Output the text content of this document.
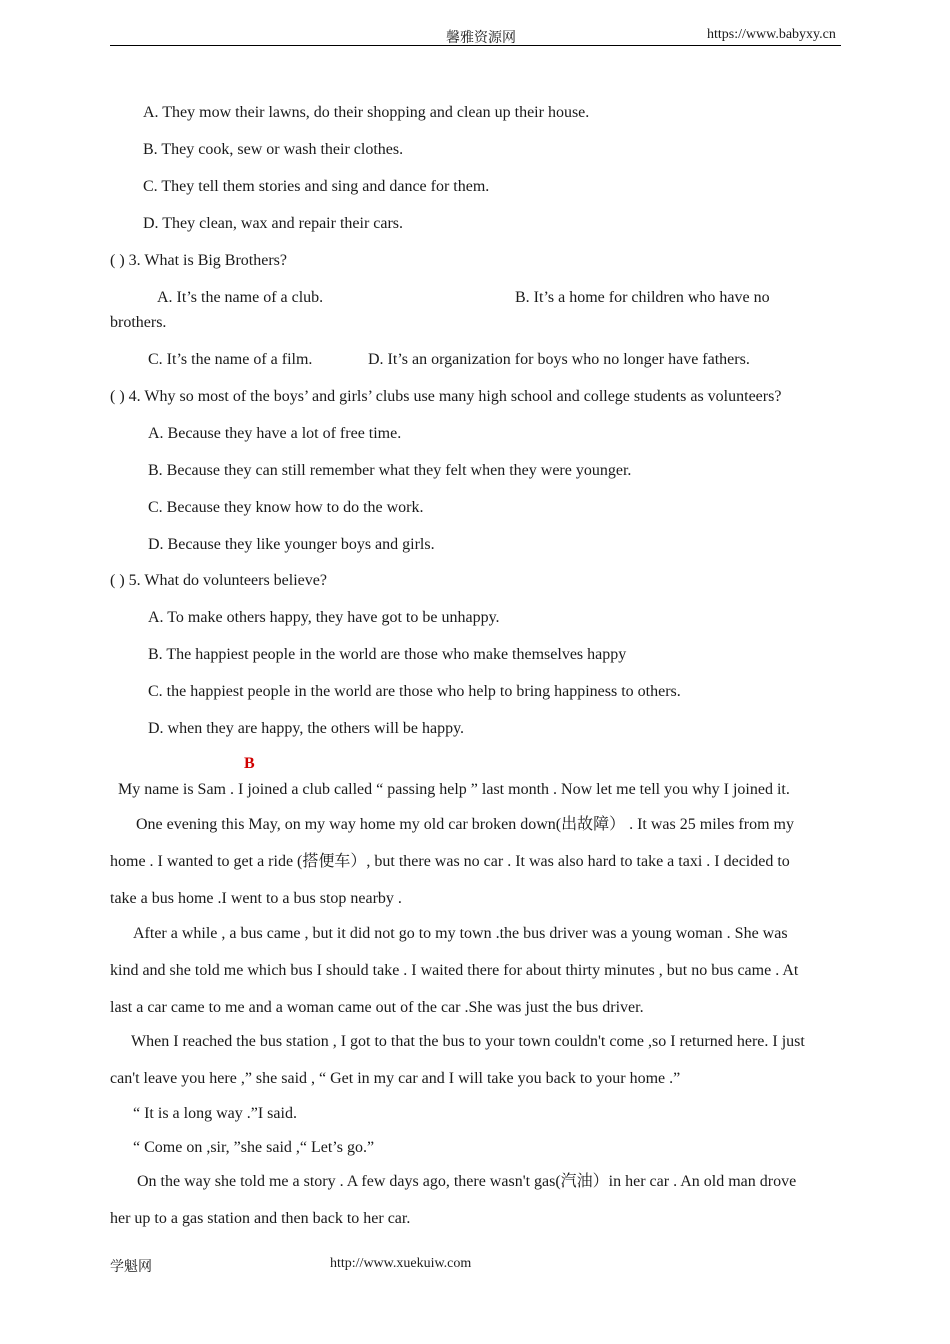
馨雅资源网	https://www.babyxy.cn
A. They mow their lawns, do their shopping and clean up their house.
B. They cook, sew or wash their clothes.
C. They tell them stories and sing and dance for them.
D. They clean, wax and repair their cars.
( ) 3. What is Big Brothers?
A. It’s the name of a club.	B. It’s a home for children who have no
brothers.
C. It’s the name of a film.	D. It’s an organization for boys who no longer have fathers.
( ) 4. Why so most of the boys’ and girls’ clubs use many high school and college students as volunteers?
A. Because they have a lot of free time.
B. Because they can still remember what they felt when they were younger.
C. Because they know how to do the work.
D. Because they like younger boys and girls.
( ) 5. What do volunteers believe?
A. To make others happy, they have got to be unhappy.
B. The happiest people in the world are those who make themselves happy
C. the happiest people in the world are those who help to bring happiness to others.
D. when they are happy, the others will be happy.
B
My name is Sam . I joined a club called “ passing help ” last month . Now let me tell you why I joined it.
One evening this May, on my way home my old car broken down(出故障） . It was 25 miles from my
home . I wanted to get a ride (搭便车）, but there was no car . It was also hard to take a taxi . I decided to
take a bus home .I went to a bus stop nearby .
After a while , a bus came , but it did not go to my town .the bus driver was a young woman . She was
kind and she told me which bus I should take . I waited there for about thirty minutes , but no bus came . At
last a car came to me and a woman came out of the car .She was just the bus driver.
When I reached the bus station , I got to that the bus to your town couldn't come ,so I returned here. I just
can't leave you here ,” she said , “ Get in my car and I will take you back to your home .”
“ It is a long way .”I said.
“ Come on ,sir, ”she said ,“ Let’s go.”
On the way she told me a story . A few days ago, there wasn't gas(汽油）in her car . An old man drove
her up to a gas station and then back to her car.
学魁网	http://www.xuekuiw.com
